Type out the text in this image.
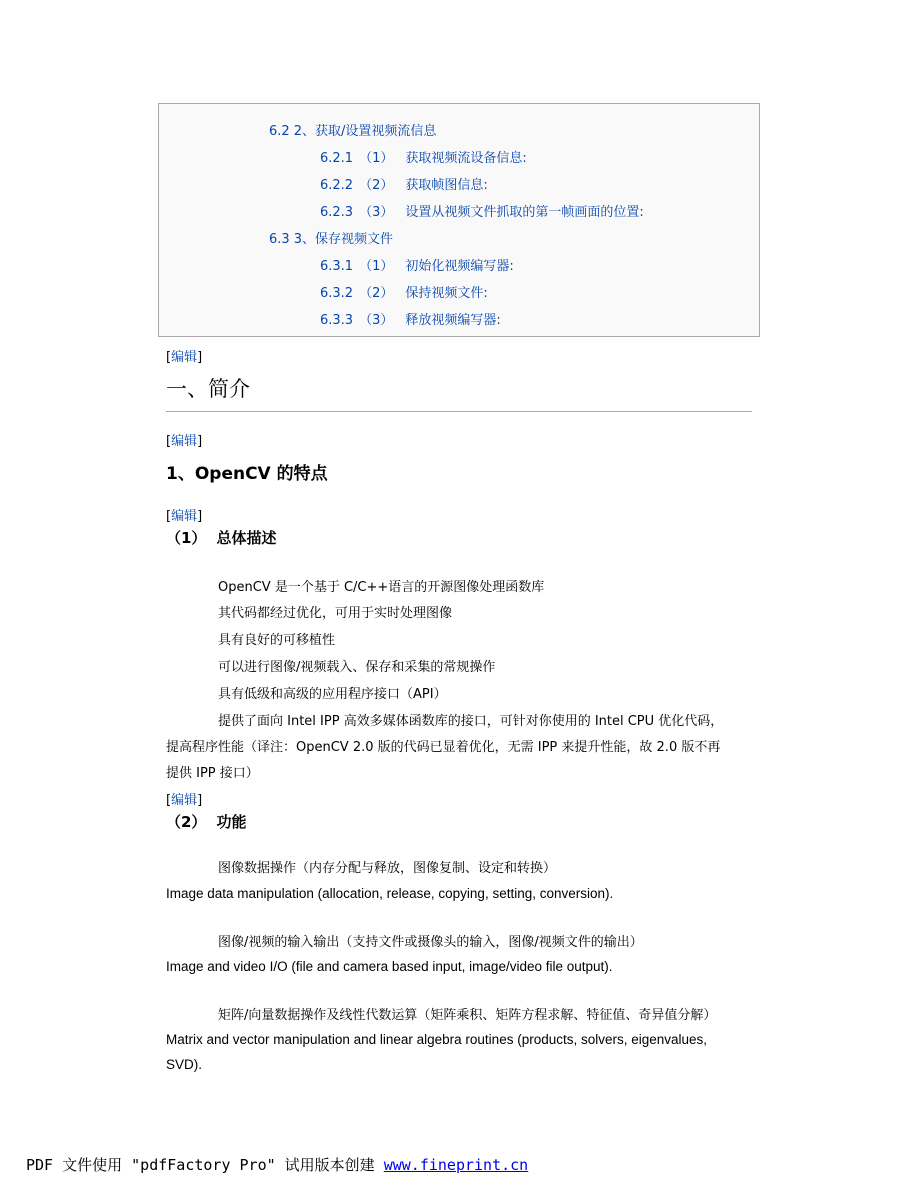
6.2 2、获取/设置视频流信息
6.2.1 （1） 获取视频流设备信息:
6.2.2 （2） 获取帧图信息:
6.2.3 （3） 设置从视频文件抓取的第一帧画面的位置:
6.3 3、保存视频文件
6.3.1 （1） 初始化视频编写器:
6.3.2 （2） 保持视频文件:
6.3.3 （3） 释放视频编写器:
[编辑]
一、简介
[编辑]
1、OpenCV 的特点
[编辑]
（1） 总体描述
OpenCV 是一个基于 C/C++语言的开源图像处理函数库
其代码都经过优化，可用于实时处理图像
具有良好的可移植性
可以进行图像/视频载入、保存和采集的常规操作
具有低级和高级的应用程序接口（API）
提供了面向 Intel IPP 高效多媒体函数库的接口，可针对你使用的 Intel CPU 优化代码，
提高程序性能（译注：OpenCV 2.0 版的代码已显着优化，无需 IPP 来提升性能，故 2.0 版不再
提供 IPP 接口）
[编辑]
（2） 功能
图像数据操作（内存分配与释放，图像复制、设定和转换）
Image data manipulation (allocation, release, copying, setting, conversion).
图像/视频的输入输出（支持文件或摄像头的输入，图像/视频文件的输出）
Image and video I/O (file and camera based input, image/video file output).
矩阵/向量数据操作及线性代数运算（矩阵乘积、矩阵方程求解、特征值、奇异值分解）
Matrix and vector manipulation and linear algebra routines (products, solvers, eigenvalues,
SVD).
PDF 文件使用 "pdfFactory Pro" 试用版本创建 www.fineprint.cn
